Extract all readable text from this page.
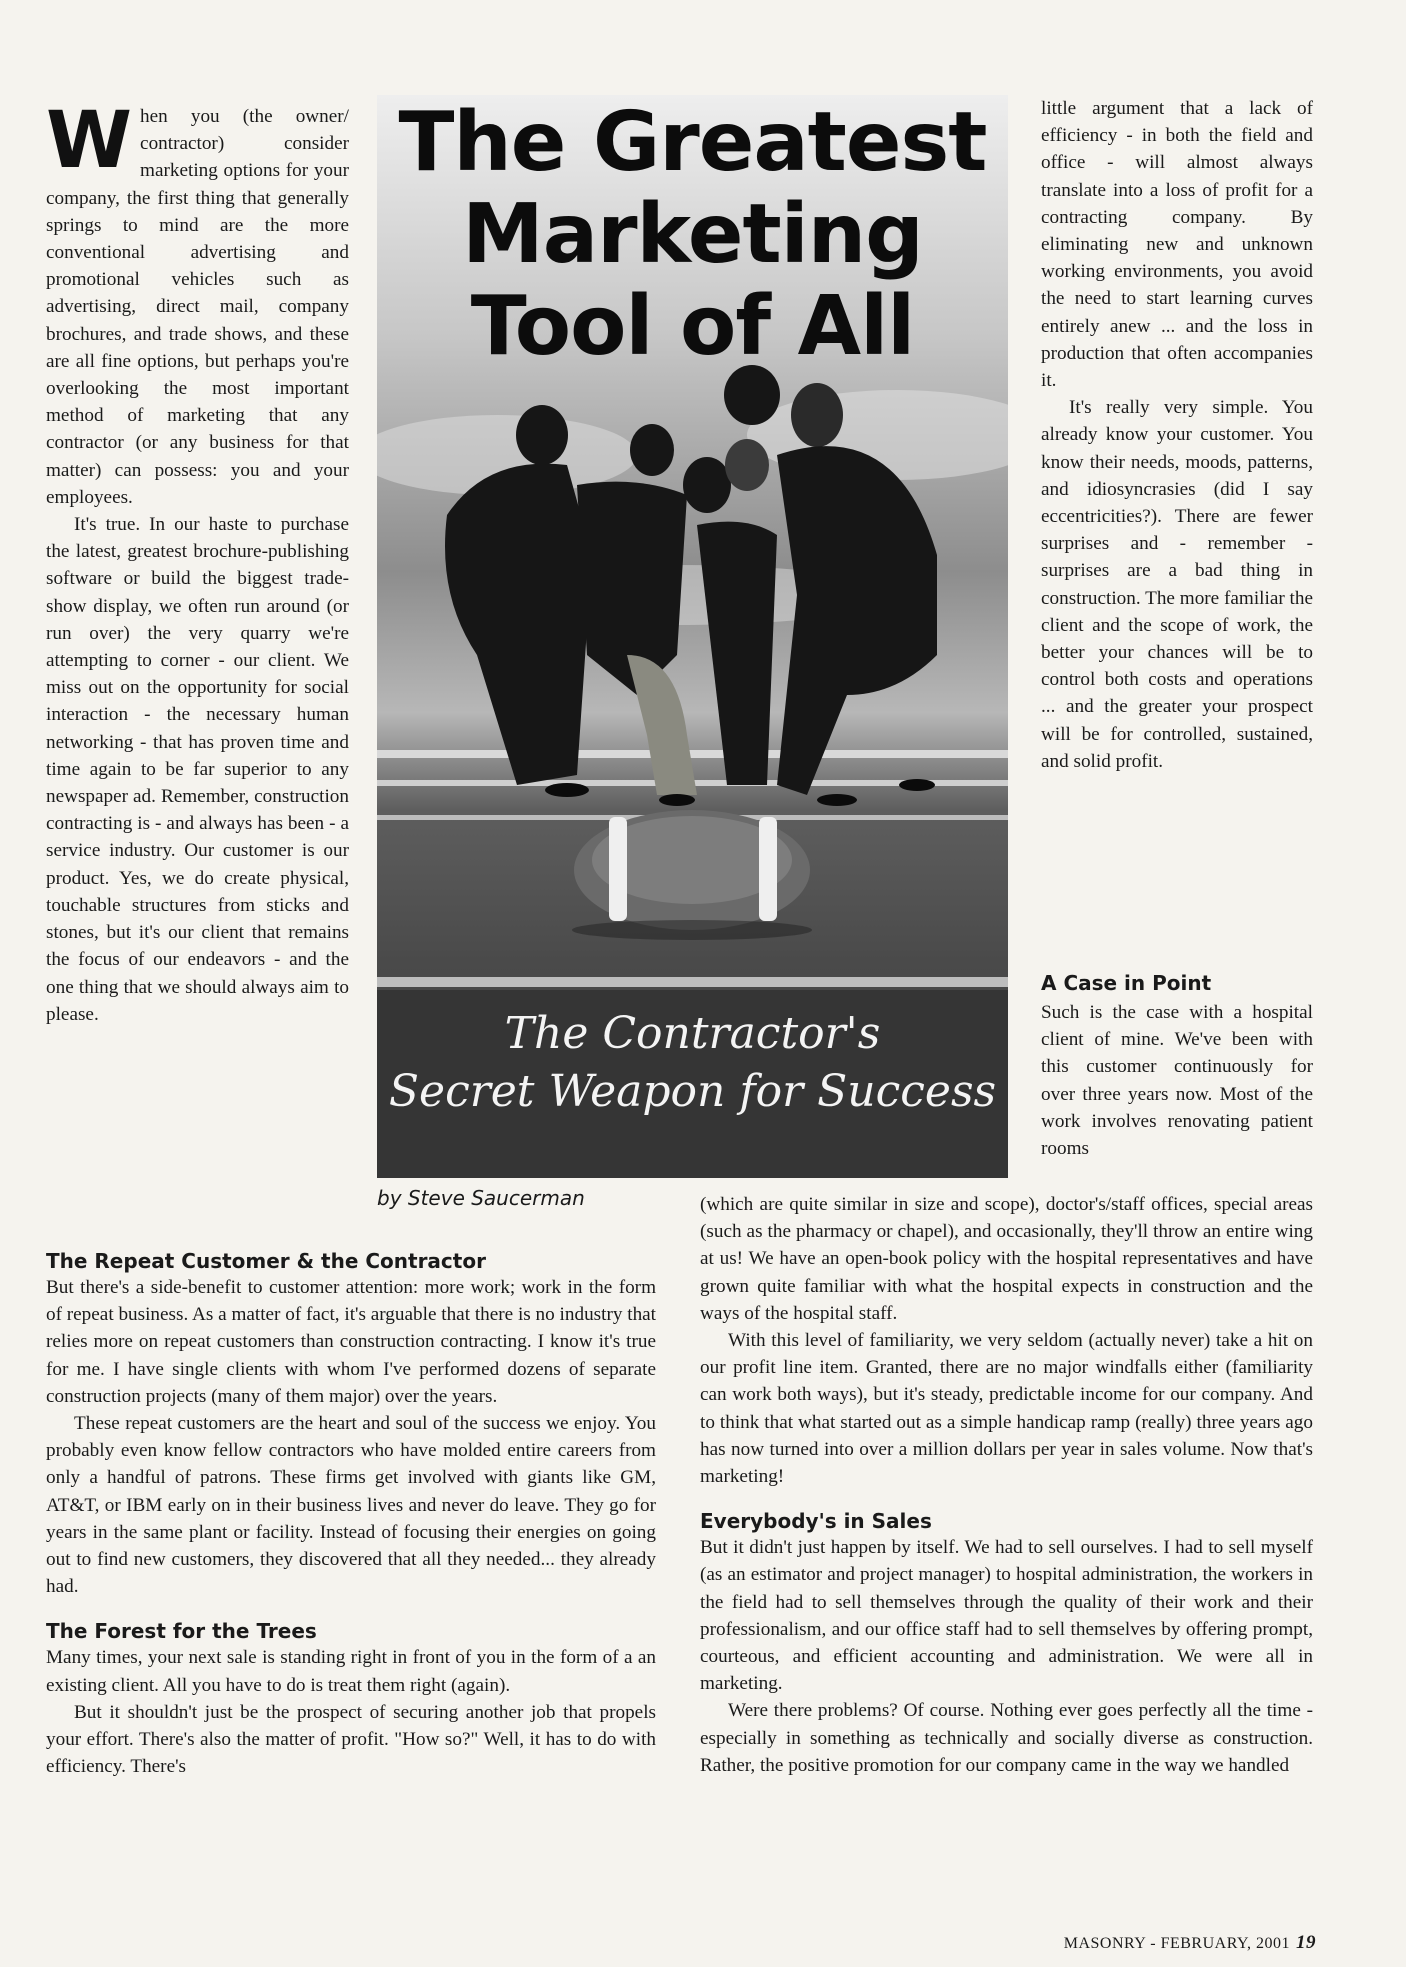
When you (the owner/ contractor) consider marketing options for your company, the first thing that generally springs to mind are the more conventional advertising and promotional vehicles such as advertising, direct mail, company brochures, and trade shows, and these are all fine options, but perhaps you're overlooking the most important method of marketing that any contractor (or any business for that matter) can possess: you and your employees.

It's true. In our haste to purchase the latest, greatest brochure-publishing software or build the biggest trade-show display, we often run around (or run over) the very quarry we're attempting to corner - our client. We miss out on the opportunity for social interaction - the necessary human networking - that has proven time and time again to be far superior to any newspaper ad. Remember, construction contracting is - and always has been - a service industry. Our customer is our product. Yes, we do create physical, touchable structures from sticks and stones, but it's our client that remains the focus of our endeavors - and the one thing that we should always aim to please.

The Greatest Marketing Tool of All
The Contractor's
Secret Weapon for Success
by Steve Saucerman

little argument that a lack of efficiency - in both the field and office - will almost always translate into a loss of profit for a contracting company. By eliminating new and unknown working environments, you avoid the need to start learning curves entirely anew ... and the loss in production that often accompanies it.

It's really very simple. You already know your customer. You know their needs, moods, patterns, and idiosyncrasies (did I say eccentricities?). There are fewer surprises and - remember - surprises are a bad thing in construction. The more familiar the client and the scope of work, the better your chances will be to control both costs and operations ... and the greater your prospect will be for controlled, sustained, and solid profit.

A Case in Point

Such is the case with a hospital client of mine. We've been with this customer continuously for over three years now. Most of the work involves renovating patient rooms

The Repeat Customer & the Contractor

But there's a side-benefit to customer attention: more work; work in the form of repeat business. As a matter of fact, it's arguable that there is no industry that relies more on repeat customers than construction contracting. I know it's true for me. I have single clients with whom I've performed dozens of separate construction projects (many of them major) over the years.

These repeat customers are the heart and soul of the success we enjoy. You probably even know fellow contractors who have molded entire careers from only a handful of patrons. These firms get involved with giants like GM, AT&T, or IBM early on in their business lives and never do leave. They go for years in the same plant or facility. Instead of focusing their energies on going out to find new customers, they discovered that all they needed... they already had.

The Forest for the Trees

Many times, your next sale is standing right in front of you in the form of a an existing client. All you have to do is treat them right (again).

But it shouldn't just be the prospect of securing another job that propels your effort. There's also the matter of profit. "How so?" Well, it has to do with efficiency. There's

(which are quite similar in size and scope), doctor's/staff offices, special areas (such as the pharmacy or chapel), and occasionally, they'll throw an entire wing at us! We have an open-book policy with the hospital representatives and have grown quite familiar with what the hospital expects in construction and the ways of the hospital staff.

With this level of familiarity, we very seldom (actually never) take a hit on our profit line item. Granted, there are no major windfalls either (familiarity can work both ways), but it's steady, predictable income for our company. And to think that what started out as a simple handicap ramp (really) three years ago has now turned into over a million dollars per year in sales volume. Now that's marketing!

Everybody's in Sales

But it didn't just happen by itself. We had to sell ourselves. I had to sell myself (as an estimator and project manager) to hospital administration, the workers in the field had to sell themselves through the quality of their work and their professionalism, and our office staff had to sell themselves by offering prompt, courteous, and efficient accounting and administration. We were all in marketing.

Were there problems? Of course. Nothing ever goes perfectly all the time - especially in something as technically and socially diverse as construction. Rather, the positive promotion for our company came in the way we handled

MASONRY - FEBRUARY, 2001 19
